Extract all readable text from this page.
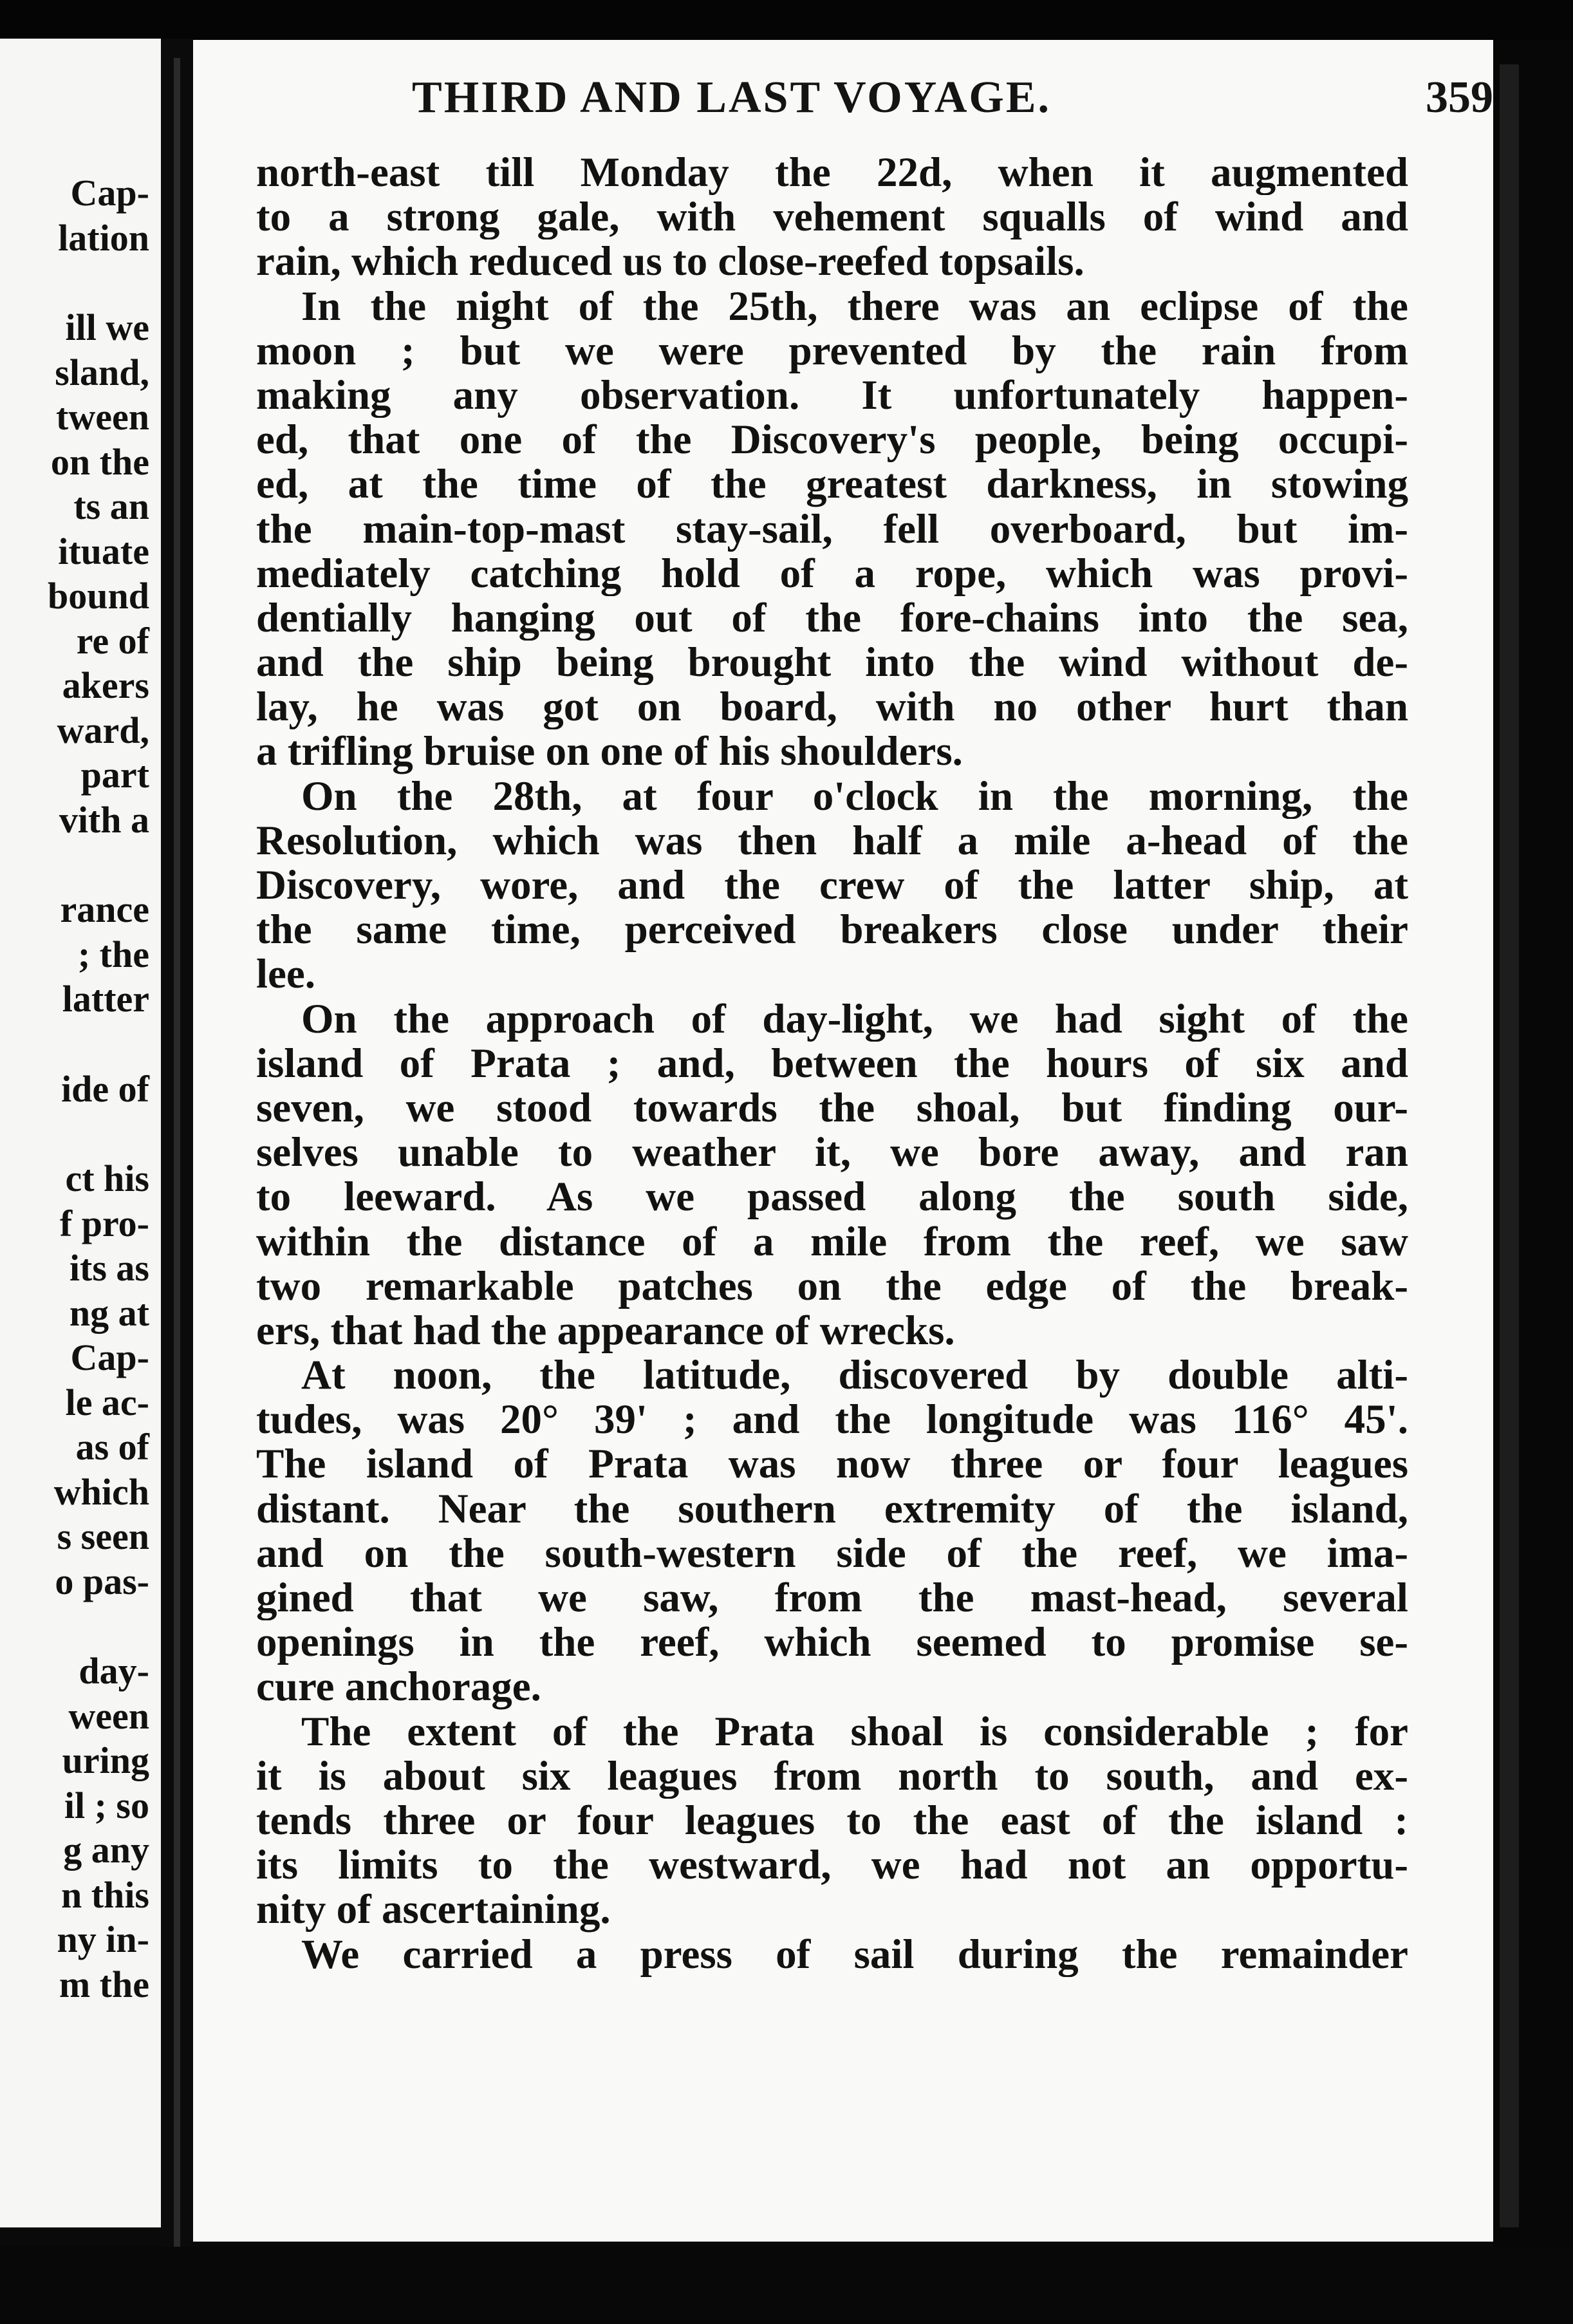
Cap-
lation
ill we
sland,
tween
on the
ts an
ituate
bound
re of
akers
ward,
part
vith a
rance
; the
latter
ide of
ct his
f pro-
its as
ng at
Cap-
le ac-
as of
which
s seen
o pas-
day-
ween
uring
il ; so
g any
n this
ny in-
m the
THIRD AND LAST VOYAGE.	359
north-east till Monday the 22d, when it augmented
to a strong gale, with vehement squalls of wind and
rain, which reduced us to close-reefed topsails.
In the night of the 25th, there was an eclipse of the
moon ; but we were prevented by the rain from
making any observation. It unfortunately happen-
ed, that one of the Discovery's people, being occupi-
ed, at the time of the greatest darkness, in stowing
the main-top-mast stay-sail, fell overboard, but im-
mediately catching hold of a rope, which was provi-
dentially hanging out of the fore-chains into the sea,
and the ship being brought into the wind without de-
lay, he was got on board, with no other hurt than
a trifling bruise on one of his shoulders.
On the 28th, at four o'clock in the morning, the
Resolution, which was then half a mile a-head of the
Discovery, wore, and the crew of the latter ship, at
the same time, perceived breakers close under their
lee.
On the approach of day-light, we had sight of the
island of Prata ; and, between the hours of six and
seven, we stood towards the shoal, but finding our-
selves unable to weather it, we bore away, and ran
to leeward. As we passed along the south side,
within the distance of a mile from the reef, we saw
two remarkable patches on the edge of the break-
ers, that had the appearance of wrecks.
At noon, the latitude, discovered by double alti-
tudes, was 20° 39' ; and the longitude was 116° 45'.
The island of Prata was now three or four leagues
distant. Near the southern extremity of the island,
and on the south-western side of the reef, we ima-
gined that we saw, from the mast-head, several
openings in the reef, which seemed to promise se-
cure anchorage.
The extent of the Prata shoal is considerable ; for
it is about six leagues from north to south, and ex-
tends three or four leagues to the east of the island :
its limits to the westward, we had not an opportu-
nity of ascertaining.
We carried a press of sail during the remainder
